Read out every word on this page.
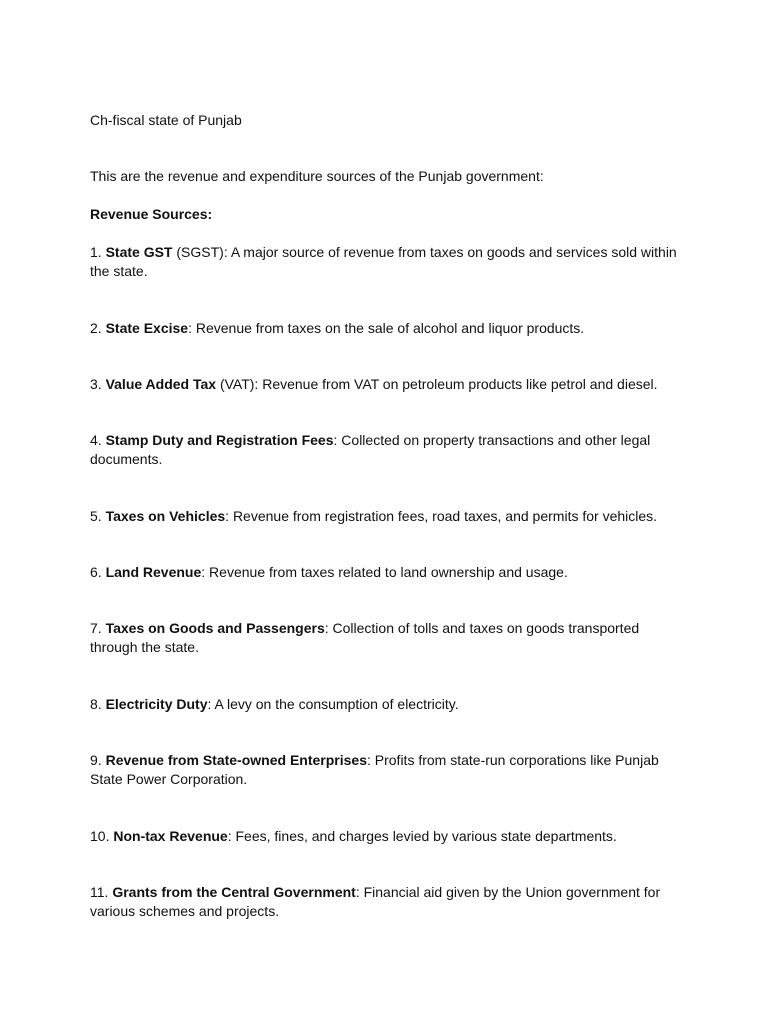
Ch-fiscal state of Punjab

This are the revenue and expenditure sources of the Punjab government:

Revenue Sources:

1. State GST (SGST): A major source of revenue from taxes on goods and services sold within the state.
2. State Excise: Revenue from taxes on the sale of alcohol and liquor products.
3. Value Added Tax (VAT): Revenue from VAT on petroleum products like petrol and diesel.
4. Stamp Duty and Registration Fees: Collected on property transactions and other legal documents.
5. Taxes on Vehicles: Revenue from registration fees, road taxes, and permits for vehicles.
6. Land Revenue: Revenue from taxes related to land ownership and usage.
7. Taxes on Goods and Passengers: Collection of tolls and taxes on goods transported through the state.
8. Electricity Duty: A levy on the consumption of electricity.
9. Revenue from State-owned Enterprises: Profits from state-run corporations like Punjab State Power Corporation.
10. Non-tax Revenue: Fees, fines, and charges levied by various state departments.
11. Grants from the Central Government: Financial aid given by the Union government for various schemes and projects.
